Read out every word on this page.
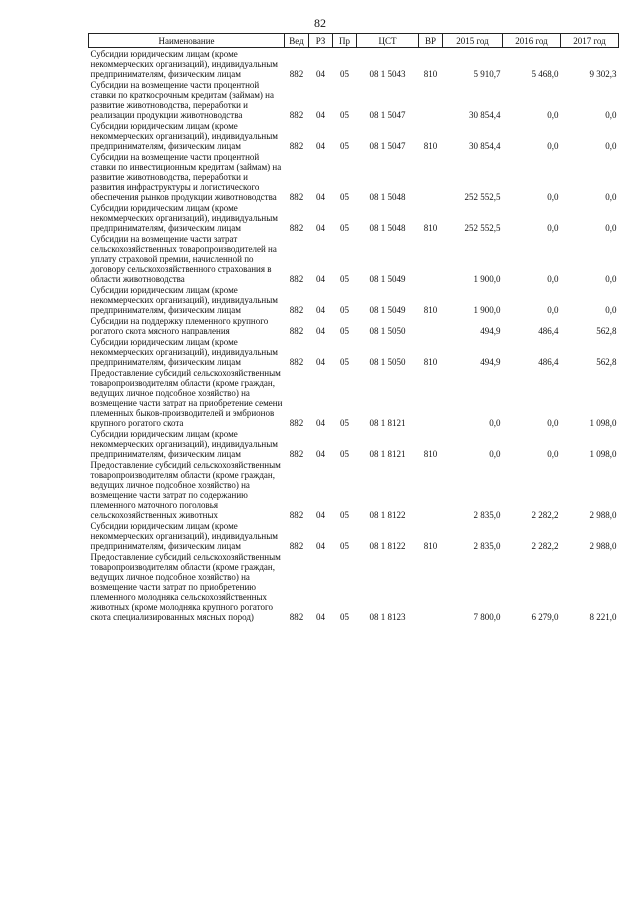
82
Наименование	Вед	РЗ	Пр	ЦСТ	ВР	2015 год	2016 год	2017 год
Субсидии юридическим лицам (кроме некоммерческих организаций), индивидуальным предпринимателям, физическим лицам	882	04	05	08 1 5043	810	5 910,7	5 468,0	9 302,3
Субсидии на возмещение части процентной ставки по краткосрочным кредитам (займам) на развитие животноводства, переработки и реализации продукции животноводства	882	04	05	08 1 5047		30 854,4	0,0	0,0
Субсидии юридическим лицам (кроме некоммерческих организаций), индивидуальным предпринимателям, физическим лицам	882	04	05	08 1 5047	810	30 854,4	0,0	0,0
Субсидии на возмещение части процентной ставки по инвестиционным кредитам (займам) на развитие животноводства, переработки и развития инфраструктуры и логистического обеспечения рынков продукции животноводства	882	04	05	08 1 5048		252 552,5	0,0	0,0
Субсидии юридическим лицам (кроме некоммерческих организаций), индивидуальным предпринимателям, физическим лицам	882	04	05	08 1 5048	810	252 552,5	0,0	0,0
Субсидии на возмещение части затрат сельскохозяйственных товаропроизводителей на уплату страховой премии, начисленной по договору сельскохозяйственного страхования в области животноводства	882	04	05	08 1 5049		1 900,0	0,0	0,0
Субсидии юридическим лицам (кроме некоммерческих организаций), индивидуальным предпринимателям, физическим лицам	882	04	05	08 1 5049	810	1 900,0	0,0	0,0
Субсидии на поддержку племенного крупного рогатого скота мясного направления	882	04	05	08 1 5050		494,9	486,4	562,8
Субсидии юридическим лицам (кроме некоммерческих организаций), индивидуальным предпринимателям, физическим лицам	882	04	05	08 1 5050	810	494,9	486,4	562,8
Предоставление субсидий сельскохозяйственным товаропроизводителям области (кроме граждан, ведущих личное подсобное хозяйство) на возмещение части затрат на приобретение семени племенных быков-производителей и эмбрионов крупного рогатого скота	882	04	05	08 1 8121		0,0	0,0	1 098,0
Субсидии юридическим лицам (кроме некоммерческих организаций), индивидуальным предпринимателям, физическим лицам	882	04	05	08 1 8121	810	0,0	0,0	1 098,0
Предоставление субсидий сельскохозяйственным товаропроизводителям области (кроме граждан, ведущих личное подсобное хозяйство) на возмещение части затрат по содержанию племенного маточного поголовья сельскохозяйственных животных	882	04	05	08 1 8122		2 835,0	2 282,2	2 988,0
Субсидии юридическим лицам (кроме некоммерческих организаций), индивидуальным предпринимателям, физическим лицам	882	04	05	08 1 8122	810	2 835,0	2 282,2	2 988,0
Предоставление субсидий сельскохозяйственным товаропроизводителям области (кроме граждан, ведущих личное подсобное хозяйство) на возмещение части затрат по приобретению племенного молодняка сельскохозяйственных животных (кроме молодняка крупного рогатого скота специализированных мясных пород)	882	04	05	08 1 8123		7 800,0	6 279,0	8 221,0
